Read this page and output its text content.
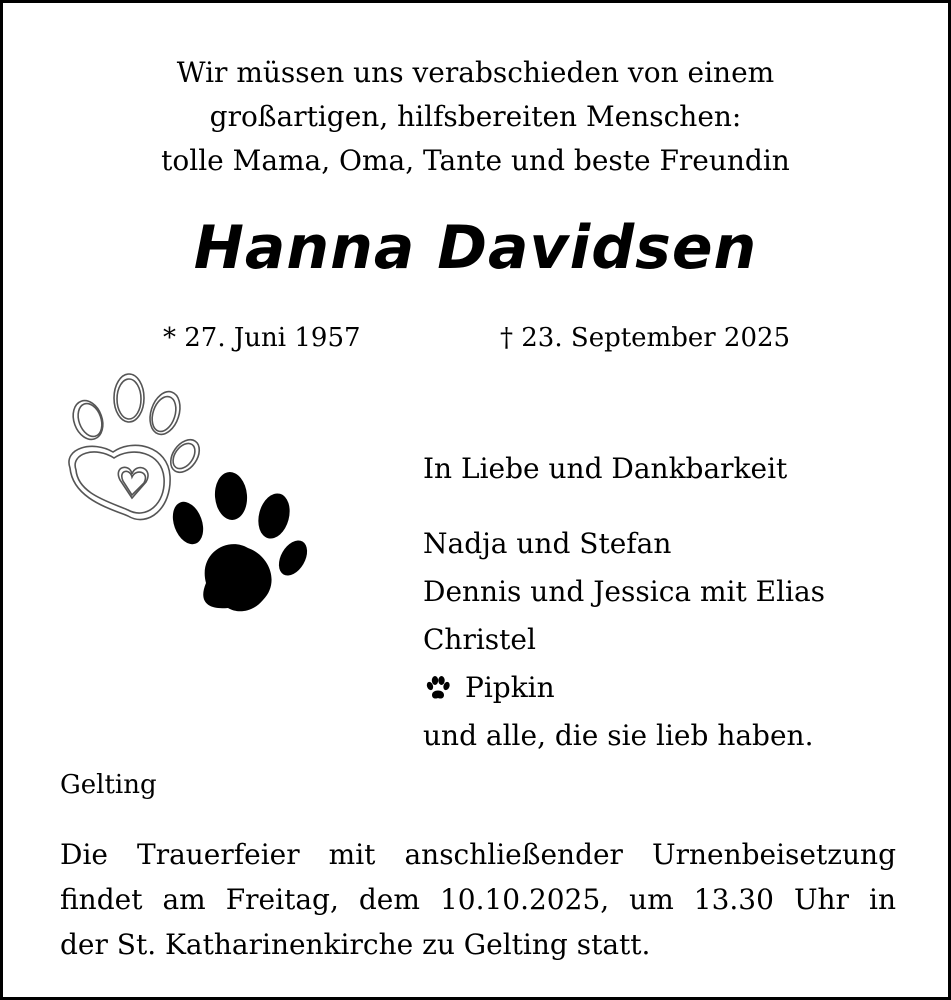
Wir müssen uns verabschieden von einem
großartigen, hilfsbereiten Menschen:
tolle Mama, Oma, Tante und beste Freundin
Hanna Davidsen
* 27. Juni 1957	† 23. September 2025
In Liebe und Dankbarkeit
Nadja und Stefan
Dennis und Jessica mit Elias
Christel
Pipkin
und alle, die sie lieb haben.
Gelting
Die Trauerfeier mit anschließender Urnenbeisetzung
findet am Freitag, dem 10.10.2025, um 13.30 Uhr in
der St. Katharinenkirche zu Gelting statt.
